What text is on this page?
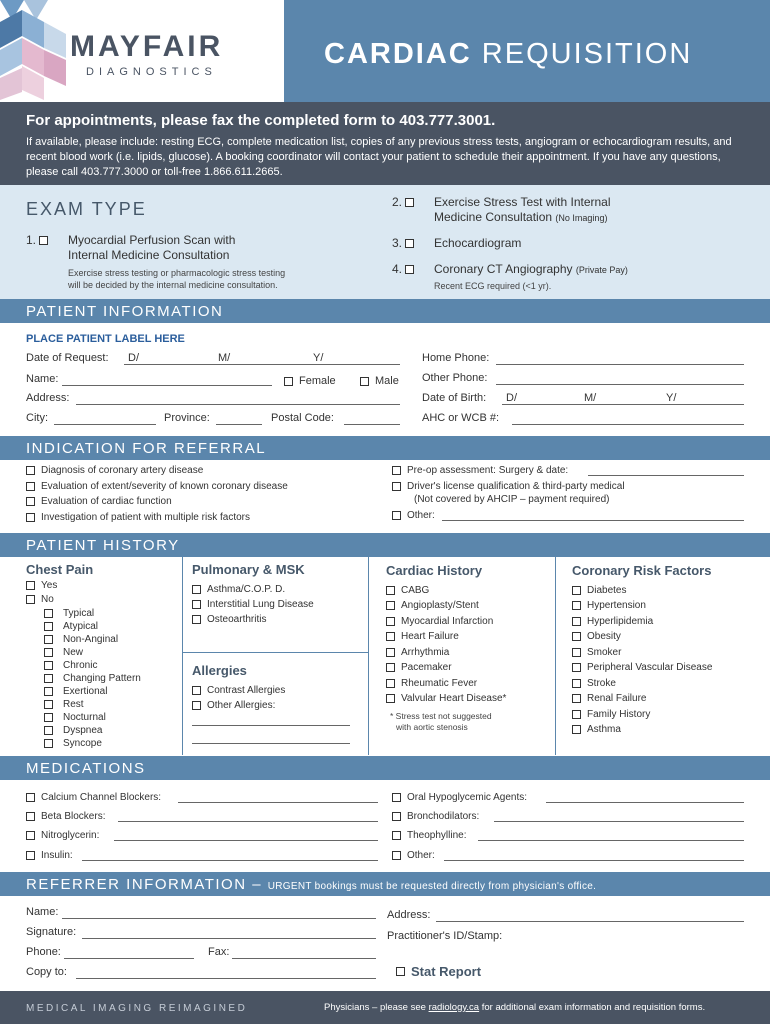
MAYFAIR
DIAGNOSTICS
CARDIAC REQUISITION
For appointments, please fax the completed form to 403.777.3001.
If available, please include: resting ECG, complete medication list, copies of any previous stress tests, angiogram or echocardiogram results, and recent blood work (i.e. lipids, glucose). A booking coordinator will contact your patient to schedule their appointment. If you have any questions, please call 403.777.3000 or toll-free 1.866.611.2665.
EXAM TYPE
1.	Myocardial Perfusion Scan with
Internal Medicine Consultation
Exercise stress testing or pharmacologic stress testing
will be decided by the internal medicine consultation.
2.	Exercise Stress Test with Internal
Medicine Consultation (No Imaging)
3.	Echocardiogram
4.	Coronary CT Angiography (Private Pay)
Recent ECG required (<1 yr).
PATIENT INFORMATION
PLACE PATIENT LABEL HERE
Date of Request: D/	M/	Y/
Name:	Female	Male
Address:
City:	Province:	Postal Code:
Home Phone:
Other Phone:
Date of Birth: D/	M/	Y/
AHC or WCB #:
INDICATION FOR REFERRAL
Diagnosis of coronary artery disease
Evaluation of extent/severity of known coronary disease
Evaluation of cardiac function
Investigation of patient with multiple risk factors
Pre-op assessment: Surgery & date:
Driver's license qualification & third-party medical
(Not covered by AHCIP – payment required)
Other:
PATIENT HISTORY
Chest Pain
Yes
No
Typical
Atypical
Non-Anginal
New
Chronic
Changing Pattern
Exertional
Rest
Nocturnal
Dyspnea
Syncope
Pulmonary & MSK
Asthma/C.O.P. D.
Interstitial Lung Disease
Osteoarthritis
Allergies
Contrast Allergies
Other Allergies:
Cardiac History
CABG
Angioplasty/Stent
Myocardial Infarction
Heart Failure
Arrhythmia
Pacemaker
Rheumatic Fever
Valvular Heart Disease*
* Stress test not suggested
with aortic stenosis
Coronary Risk Factors
Diabetes
Hypertension
Hyperlipidemia
Obesity
Smoker
Peripheral Vascular Disease
Stroke
Renal Failure
Family History
Asthma
MEDICATIONS
Calcium Channel Blockers:
Beta Blockers:
Nitroglycerin:
Insulin:
Oral Hypoglycemic Agents:
Bronchodilators:
Theophylline:
Other:
REFERRER INFORMATION – URGENT bookings must be requested directly from physician's office.
Name:
Signature:
Phone:	Fax:
Copy to:
Address:
Practitioner's ID/Stamp:
Stat Report
MEDICAL IMAGING REIMAGINED	Physicians – please see radiology.ca for additional exam information and requisition forms.
